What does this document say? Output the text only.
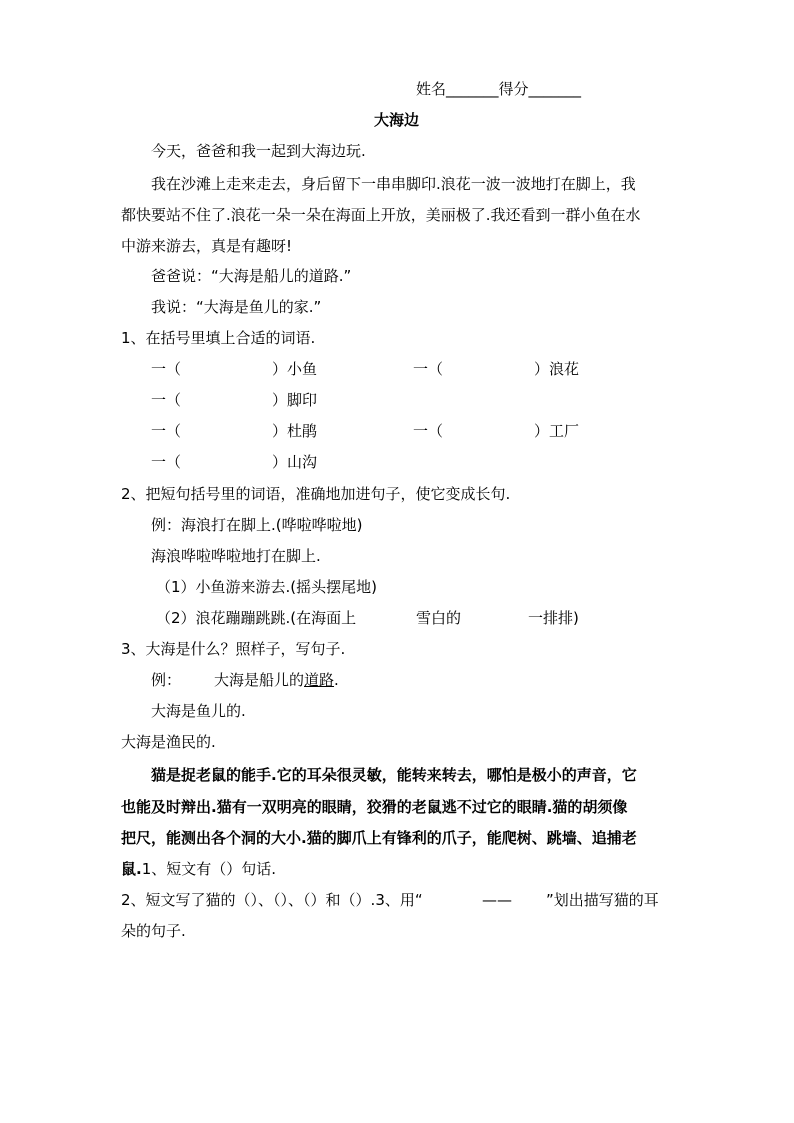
姓名_______得分_______
大海边
今天，爸爸和我一起到大海边玩.
我在沙滩上走来走去，身后留下一串串脚印.浪花一波一波地打在脚上，我
都快要站不住了.浪花一朵一朵在海面上开放，美丽极了.我还看到一群小鱼在水
中游来游去，真是有趣呀!
爸爸说：“大海是船儿的道路.”
我说：“大海是鱼儿的家.”
1、在括号里填上合适的词语.
一（	）小鱼	一（	）浪花
一（	）脚印
一（	）杜鹃	一（	）工厂
一（	）山沟
2、把短句括号里的词语，准确地加进句子，使它变成长句.
例：海浪打在脚上.(哗啦哗啦地)
海浪哗啦哗啦地打在脚上.
（1）小鱼游来游去.(摇头摆尾地)
（2）浪花蹦蹦跳跳.(在海面上	雪白的	一排排)
3、大海是什么？照样子，写句子.
例： 大海是船儿的道路.
大海是鱼儿的.
大海是渔民的.
猫是捉老鼠的能手.它的耳朵很灵敏，能转来转去，哪怕是极小的声音，它
也能及时辩出.猫有一双明亮的眼睛，狡猾的老鼠逃不过它的眼睛.猫的胡须像
把尺，能测出各个洞的大小.猫的脚爪上有锋利的爪子，能爬树、跳墙、追捕老
鼠.1、短文有（）句话.
2、短文写了猫的（）、（）、（）和（）.3、用“	—— ”划出描写猫的耳
朵的句子.
